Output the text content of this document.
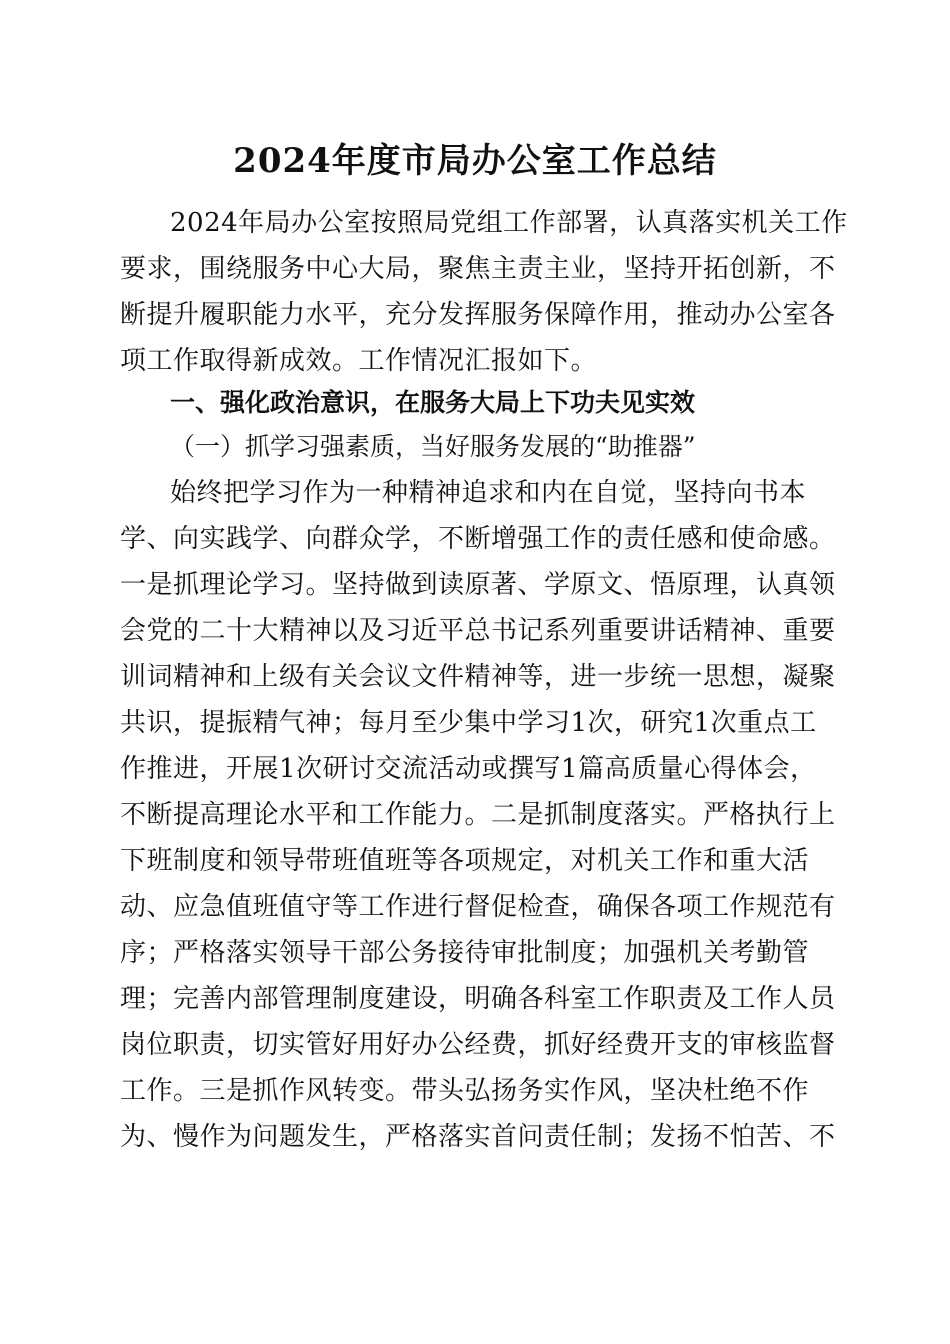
2024年度市局办公室工作总结
2024年局办公室按照局党组工作部署，认真落实机关工作
要求，围绕服务中心大局，聚焦主责主业，坚持开拓创新，不
断提升履职能力水平，充分发挥服务保障作用，推动办公室各
项工作取得新成效。工作情况汇报如下。
一、强化政治意识，在服务大局上下功夫见实效
（一）抓学习强素质，当好服务发展的“助推器”
始终把学习作为一种精神追求和内在自觉，坚持向书本
学、向实践学、向群众学，不断增强工作的责任感和使命感。
一是抓理论学习。坚持做到读原著、学原文、悟原理，认真领
会党的二十大精神以及习近平总书记系列重要讲话精神、重要
训词精神和上级有关会议文件精神等，进一步统一思想，凝聚
共识，提振精气神；每月至少集中学习1次，研究1次重点工
作推进，开展1次研讨交流活动或撰写1篇高质量心得体会，
不断提高理论水平和工作能力。二是抓制度落实。严格执行上
下班制度和领导带班值班等各项规定，对机关工作和重大活
动、应急值班值守等工作进行督促检查，确保各项工作规范有
序；严格落实领导干部公务接待审批制度；加强机关考勤管
理；完善内部管理制度建设，明确各科室工作职责及工作人员
岗位职责，切实管好用好办公经费，抓好经费开支的审核监督
工作。三是抓作风转变。带头弘扬务实作风，坚决杜绝不作
为、慢作为问题发生，严格落实首问责任制；发扬不怕苦、不
